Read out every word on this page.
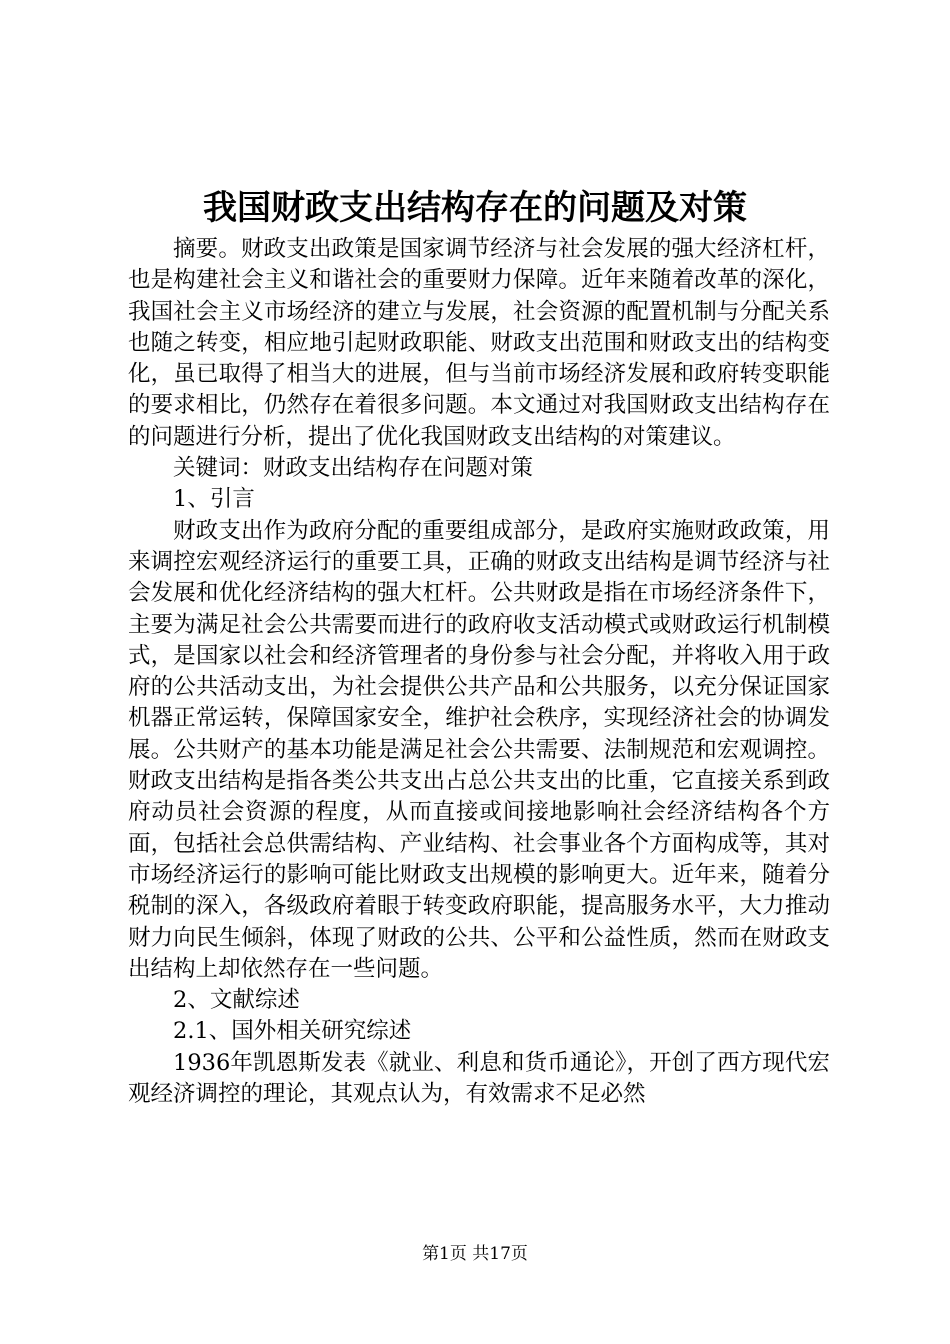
我国财政支出结构存在的问题及对策

摘要。财政支出政策是国家调节经济与社会发展的强大经济杠杆，也是构建社会主义和谐社会的重要财力保障。近年来随着改革的深化，我国社会主义市场经济的建立与发展，社会资源的配置机制与分配关系也随之转变，相应地引起财政职能、财政支出范围和财政支出的结构变化，虽已取得了相当大的进展，但与当前市场经济发展和政府转变职能的要求相比，仍然存在着很多问题。本文通过对我国财政支出结构存在的问题进行分析，提出了优化我国财政支出结构的对策建议。

关键词：财政支出结构存在问题对策

1、引言

财政支出作为政府分配的重要组成部分，是政府实施财政政策，用来调控宏观经济运行的重要工具，正确的财政支出结构是调节经济与社会发展和优化经济结构的强大杠杆。公共财政是指在市场经济条件下，主要为满足社会公共需要而进行的政府收支活动模式或财政运行机制模式，是国家以社会和经济管理者的身份参与社会分配，并将收入用于政府的公共活动支出，为社会提供公共产品和公共服务，以充分保证国家机器正常运转，保障国家安全，维护社会秩序，实现经济社会的协调发展。公共财产的基本功能是满足社会公共需要、法制规范和宏观调控。财政支出结构是指各类公共支出占总公共支出的比重，它直接关系到政府动员社会资源的程度，从而直接或间接地影响社会经济结构各个方面，包括社会总供需结构、产业结构、社会事业各个方面构成等，其对市场经济运行的影响可能比财政支出规模的影响更大。近年来，随着分税制的深入，各级政府着眼于转变政府职能，提高服务水平，大力推动财力向民生倾斜，体现了财政的公共、公平和公益性质，然而在财政支出结构上却依然存在一些问题。

2、文献综述

2.1、国外相关研究综述

1936年凯恩斯发表《就业、利息和货币通论》，开创了西方现代宏观经济调控的理论，其观点认为，有效需求不足必然

第1页 共17页
